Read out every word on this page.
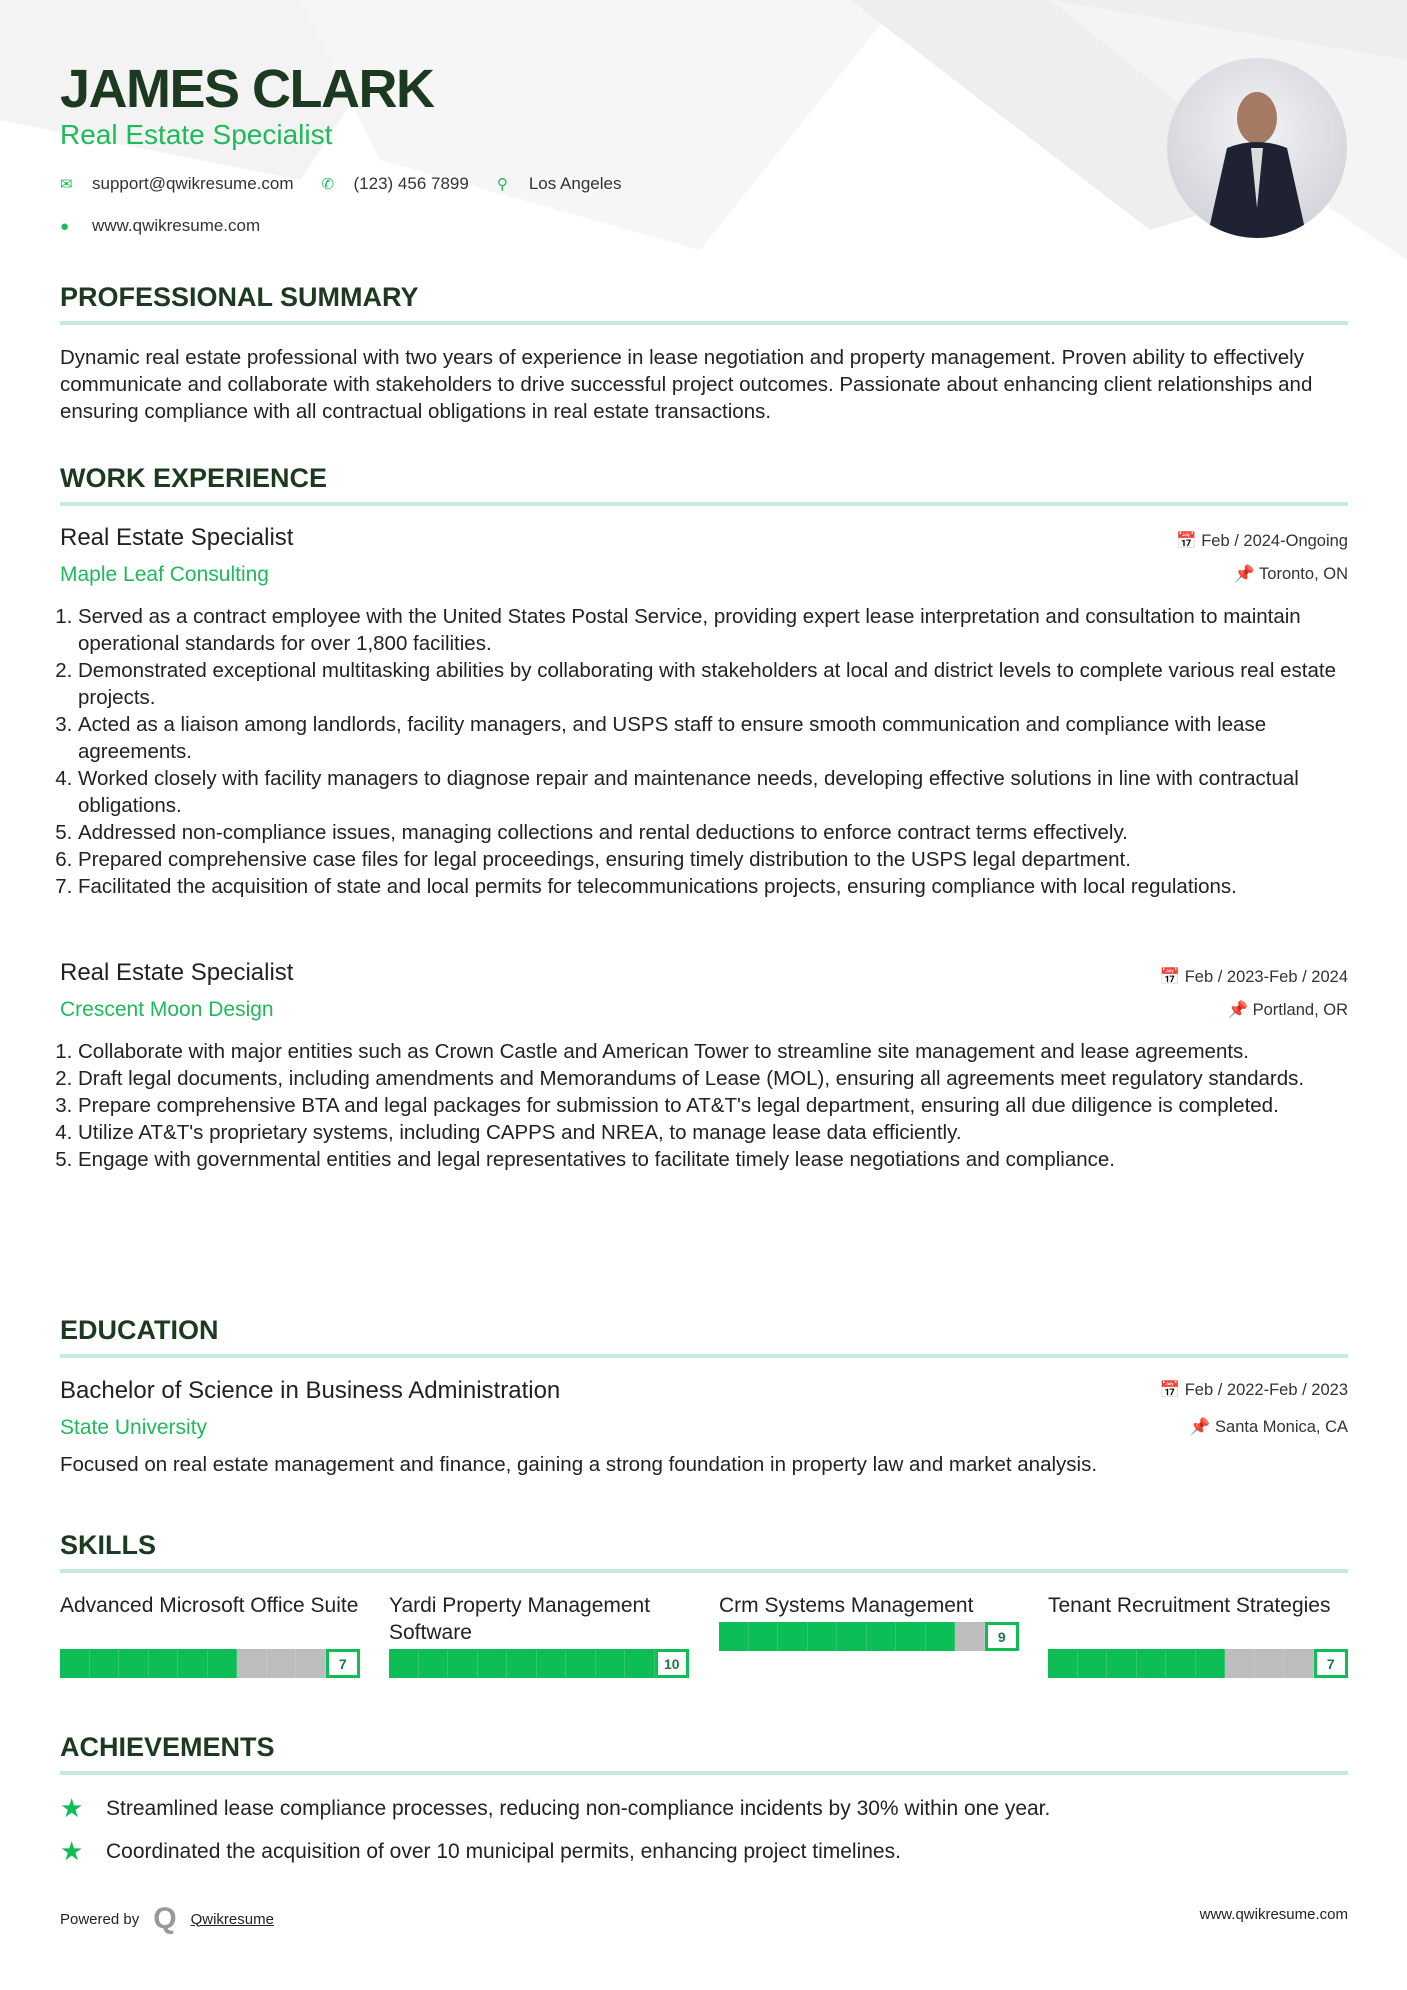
JAMES CLARK
Real Estate Specialist
✉	support@qwikresume.com ✆	(123) 456 7899 ⚲	Los Angeles
●	www.qwikresume.com
PROFESSIONAL SUMMARY
Dynamic real estate professional with two years of experience in lease negotiation and property management. Proven ability to effectively communicate and collaborate with stakeholders to drive successful project outcomes. Passionate about enhancing client relationships and ensuring compliance with all contractual obligations in real estate transactions.
WORK EXPERIENCE
Real Estate Specialist
Maple Leaf Consulting
📅 Feb / 2024-Ongoing
📌 Toronto, ON
1. Served as a contract employee with the United States Postal Service, providing expert lease interpretation and consultation to maintain operational standards for over 1,800 facilities.
2. Demonstrated exceptional multitasking abilities by collaborating with stakeholders at local and district levels to complete various real estate projects.
3. Acted as a liaison among landlords, facility managers, and USPS staff to ensure smooth communication and compliance with lease agreements.
4. Worked closely with facility managers to diagnose repair and maintenance needs, developing effective solutions in line with contractual obligations.
5. Addressed non-compliance issues, managing collections and rental deductions to enforce contract terms effectively.
6. Prepared comprehensive case files for legal proceedings, ensuring timely distribution to the USPS legal department.
7. Facilitated the acquisition of state and local permits for telecommunications projects, ensuring compliance with local regulations.
Real Estate Specialist
Crescent Moon Design
📅 Feb / 2023-Feb / 2024
📌 Portland, OR
1. Collaborate with major entities such as Crown Castle and American Tower to streamline site management and lease agreements.
2. Draft legal documents, including amendments and Memorandums of Lease (MOL), ensuring all agreements meet regulatory standards.
3. Prepare comprehensive BTA and legal packages for submission to AT&T's legal department, ensuring all due diligence is completed.
4. Utilize AT&T's proprietary systems, including CAPPS and NREA, to manage lease data efficiently.
5. Engage with governmental entities and legal representatives to facilitate timely lease negotiations and compliance.
EDUCATION
Bachelor of Science in Business Administration
State University
📅 Feb / 2022-Feb / 2023
📌 Santa Monica, CA
Focused on real estate management and finance, gaining a strong foundation in property law and market analysis.
SKILLS
Advanced Microsoft Office Suite
7
Yardi Property Management Software
10
Crm Systems Management
9
Tenant Recruitment Strategies
7
ACHIEVEMENTS
★	Streamlined lease compliance processes, reducing non-compliance incidents by 30% within one year.
★	Coordinated the acquisition of over 10 municipal permits, enhancing project timelines.
Powered by Q Qwikresume	www.qwikresume.com
